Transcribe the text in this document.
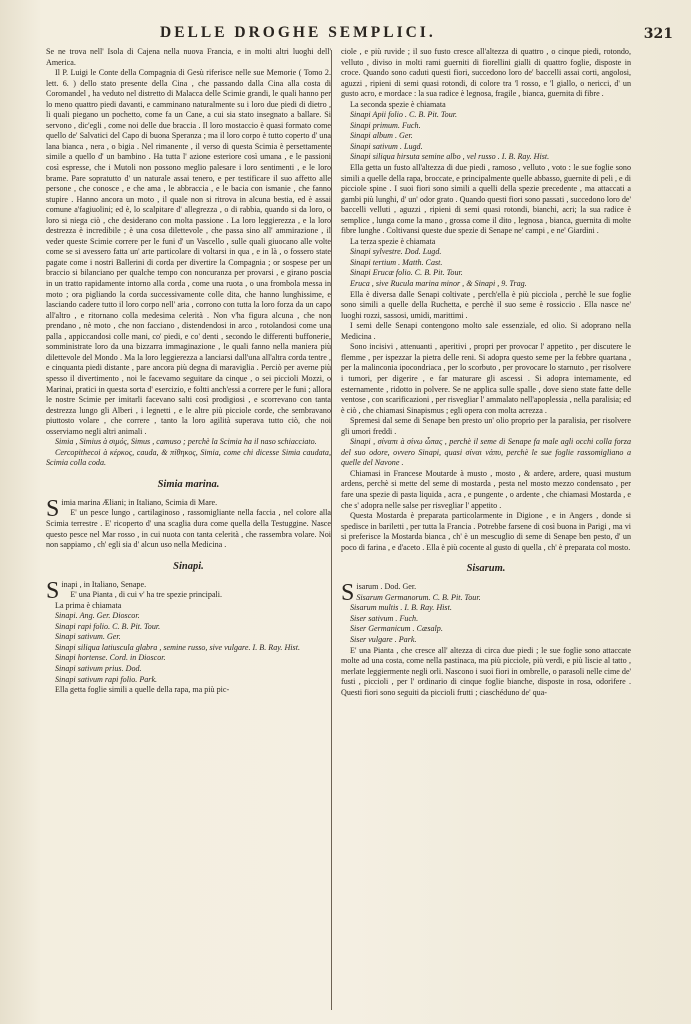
DELLE DROGHE SEMPLICI.	321

Se ne trova nell' Isola di Cajena nella nuova Francia, e in molti altri luoghi dell' America.

Il P. Luigi le Conte della Compagnia di Gesù riferisce nelle sue Memorie ( Tomo 2. lett. 6. ) dello stato presente della Cina , che passando dalla Cina alla costa di Coromandel , ha veduto nel distretto di Malacca delle Scimie grandi, le quali hanno per lo meno quattro piedi davanti, e camminano naturalmente su i loro due piedi di dietro , li quali piegano un pochetto, come fa un Cane, a cui sia stato insegnato a ballare. Si servono , dic'egli , come noi delle due braccia . Il loro mostaccio è quasi formato come quello de' Salvatici del Capo di buona Speranza ; ma il loro corpo è tutto coperto d' una lana bianca , nera , o bigia . Nel rimanente , il verso di questa Scimia è persettamente simile a quello d' un bambino . Ha tutta l' azione esteriore così umana , e le passioni così espresse, che i Mutoli non possono meglio palesare i loro sentimenti , e le loro brame. Pare sopratutto d' un naturale assai tenero, e per testificare il suo affetto alle persone , che conosce , e che ama , le abbraccia , e le bacia con ismanie , che fanno stupire . Hanno ancora un moto , il quale non si ritrova in alcuna bestia, ed è assai comune a'fagiuolini; ed è, lo scalpitare d' allegrezza , o di rabbia, quando si da loro, o loro si niega ciò , che desiderano con molta passione . La loro leggierezza , e la loro destrezza è incredibile ; è una cosa dilettevole , che passa sino all' ammirazione , il veder queste Scimie correre per le funi d' un Vascello , sulle quali giuocano alle volte come se si avessero fatta un' arte particolare di voltarsi in qua , e in là , o fossero state pagate come i nostri Ballerini di corda per divertire la Compagnia ; or sospese per un braccio si bilanciano per qualche tempo con noncuranza per provarsi , e girano poscia in un tratto rapidamente intorno alla corda , come una ruota , o una frombola messa in moto ; ora pigliando la corda successivamente colle dita, che hanno lunghissime, e lasciando cadere tutto il loro corpo nell' aria , corrono con tutta la loro forza da un capo all'altro , e ritornano colla medesima celerità . Non v'ha figura alcuna , che non prendano , nè moto , che non facciano , distendendosi in arco , rotolandosi come una palla , appiccandosi colle mani, co' piedi, e co' denti , secondo le differenti buffonerie, somministrate loro da una bizzarra immaginazione , le quali fanno nella maniera più dilettevole del Mondo . Ma la loro leggierezza a lanciarsi dall'una all'altra corda tentre , e cinquanta piedi distante , pare ancora più degna di maraviglia . Perciò per averne più spesso il divertimento , noi le facevamo seguitare da cinque , o sei piccioli Mozzi, o Marinai, pratici in questa sorta d' esercizio, e foltti anch'essi a correre per le funi ; allora le nostre Scimie per imitarli facevano salti così prodigiosi , e scorrevano con tanta destrezza lungo gli Alberi , i legnetti , e le altre più picciole corde, che sembravano piuttosto volare , che correre , tanto la loro agilità superava tutto ciò, che noi osserviamo negli altri animali .

Simia , Simius à σιμός, Simus , camuso ; perchè la Scimia ha il naso schiacciato.

Cercopithecoi à κέρκος, cauda, & πίθηκος, Simia, come chi dicesse Simia caudata, Scimia colla coda.

Simia marina.

Simia marina Æliani; in Italiano, Scimia di Mare.

E' un pesce lungo , cartilaginoso , rassomigliante nella faccia , nel colore alla Scimia terrestre . E' ricoperto d' una scaglia dura come quella della Testuggine. Nasce questo pesce nel Mar rosso , in cui nuota con tanta celerità , che rassembra volare. Noi non sappiamo , ch' egli sia d' alcun uso nella Medicina .

Sinapi.

Sinapi , in Italiano, Senape.

E' una Pianta , di cui v' ha tre spezie principali.

La prima è chiamata

Sinapi. Ang. Ger. Dioscor.

Sinapi rapi folio. C. B. Pit. Tour.

Sinapi sativum. Ger.

Sinapi siliqua latiuscula glabra , semine russo, sive vulgare. I. B. Ray. Hist.

Sinapi hortense. Cord. in Dioscor.

Sinapi sativum prius. Dod.

Sinapi sativum rapi folio. Park.

Ella getta foglie simili a quelle della rapa, ma più pic-

ciole , e più ruvide ; il suo fusto cresce all'altezza di quattro , o cinque piedi, rotondo, velluto , diviso in molti rami guerniti di fiorellini gialli di quattro foglie, disposte in croce. Quando sono caduti questi fiori, succedono loro de' baccelli assai corti, angolosi, aguzzi , ripieni di semi quasi rotondi, di colore tra 'l rosso, e 'l giallo, o nericci, d' un gusto acro, e mordace : la sua radice è legnosa, fragile , bianca, guernita di fibre .

La seconda spezie è chiamata

Sinapi Apii folio . C. B. Pit. Tour.

Sinapi primum. Fuch.

Sinapi album . Ger.

Sinapi sativum . Lugd.

Sinapi siliqua hirsuta semine albo , vel russo . I. B. Ray. Hist.

Ella getta un fusto all'altezza di due piedi , ramoso , velluto , voto : le sue foglie sono simili a quelle della rapa, broccate, e principalmente quelle abbasso, guernite di peli , e di picciole spine . I suoi fiori sono simili a quelli della spezie precedente , ma attaccati a gambi più lunghi, d' un' odor grato . Quando questi fiori sono passati , succedono loro de' baccelli velluti , aguzzi , ripieni di semi quasi rotondi, bianchi, acri; la sua radice è semplice , lunga come la mano , grossa come il dito , legnosa , bianca, guernita di molte fibre lunghe . Coltivansi queste due spezie di Senape ne' campi , e ne' Giardini .

La terza spezie è chiamata

Sinapi sylvestre. Dod. Lugd.

Sinapi tertium . Matth. Cast.

Sinapi Erucæ folio. C. B. Pit. Tour.

Eruca , sive Rucula marina minor , & Sinapi , 9. Trag.

Ella è diversa dalle Senapi coltivate , perch'ella è più picciola , perchè le sue foglie sono simili a quelle della Ruchetta, e perchè il suo seme è rossiccio . Ella nasce ne' luoghi rozzi, sassosi, umidi, marittimi .

I semi delle Senapi contengono molto sale essenziale, ed olio. Si adoprano nella Medicina .

Sono incisivi , attenuanti , aperitivi , propri per provocar l' appetito , per discutere le flemme , per ispezzar la pietra delle reni. Si adopra questo seme per la febbre quartana , per la malinconia ipocondriaca , per lo scorbuto , per provocare lo starnuto , per risolvere i tumori, per digerire , e far maturare gli ascessi . Si adopra internamente, ed esternamente , ridotto in polvere. Se ne applica sulle spalle , dove sieno state fatte delle ventose , con scarificazioni , per risvegliar l' ammalato nell'apoplessia , nella paralisia; ed è ciò , che chiamasi Sinapismus ; egli opera con molta acrezza .

Spremesi dal seme di Senape ben presto un' olio proprio per la paralisia, per risolvere gli umori freddi .

Sinapi , σίναπι à σίνω ὦπας , perchè il seme di Senape fa male agli occhi colla forza del suo odore, ovvero Sinapi, quasi σίναι νάπυ, perchè le sue foglie rassomigliano a quelle del Navone .

Chiamasi in Francese Moutarde à musto , mosto , & ardere, ardere, quasi mustum ardens, perchè si mette del seme di mostarda , pesta nel mosto mezzo condensato , per fare una spezie di pasta liquida , acra , e pungente , o ardente , che chiamasi Mostarda , e che s' adopra nelle salse per risvegliar l' appetito .

Questa Mostarda è preparata particolarmente in Digione , e in Angers , donde si spedisce in bariletti , per tutta la Francia . Potrebbe farsene di così buona in Parigi , ma vi si preferisce la Mostarda bianca , ch' è un mescuglio di seme di Senape ben pesto, d' un poco di farina , e d'aceto . Ella è più cocente al gusto di quella , ch' è preparata col mosto.

Sisarum.

Sisarum . Dod. Ger.

Sisarum Germanorum. C. B. Pit. Tour.

Sisarum multis . I. B. Ray. Hist.

Siser sativum . Fuch.

Siser Germanicum . Cæsalp.

Siser vulgare . Park.

E' una Pianta , che cresce all' altezza di circa due piedi ; le sue foglie sono attaccate molte ad una costa, come nella pastinaca, ma più picciole, più verdi, e più liscie al tatto , merlate leggiermente negli orli. Nascono i suoi fiori in ombrelle, o parasoli nelle cime de' fusti , piccioli , per l' ordinario di cinque foglie bianche, disposte in rosa, odorifere . Questi fiori sono seguiti da piccioli frutti ; ciaschéduno de' qua-
